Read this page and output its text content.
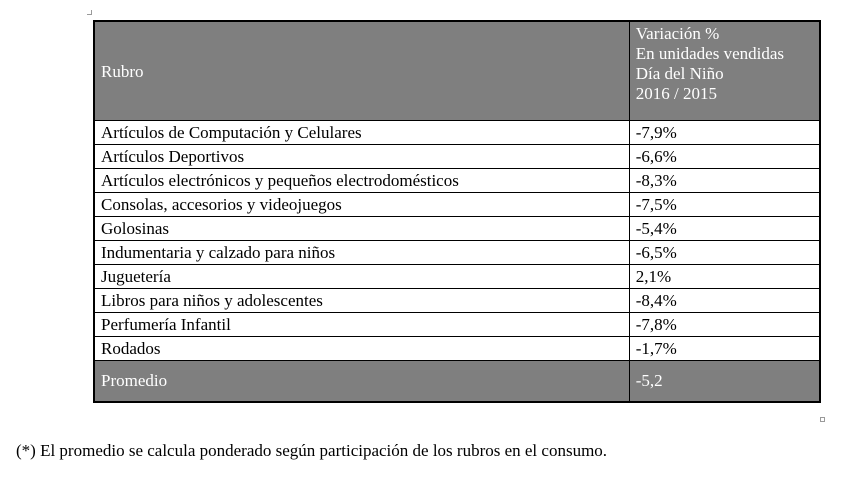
Rubro	Variación %
En unidades vendidas
Día del Niño
2016 / 2015

Artículos de Computación y Celulares	-7,9%
Artículos Deportivos	-6,6%
Artículos electrónicos y pequeños electrodomésticos	-8,3%
Consolas, accesorios y videojuegos	-7,5%
Golosinas	-5,4%
Indumentaria y calzado para niños	-6,5%
Juguetería	2,1%
Libros para niños y adolescentes	-8,4%
Perfumería Infantil	-7,8%
Rodados	-1,7%
Promedio	-5,2
(*) El promedio se calcula ponderado según participación de los rubros en el consumo.
